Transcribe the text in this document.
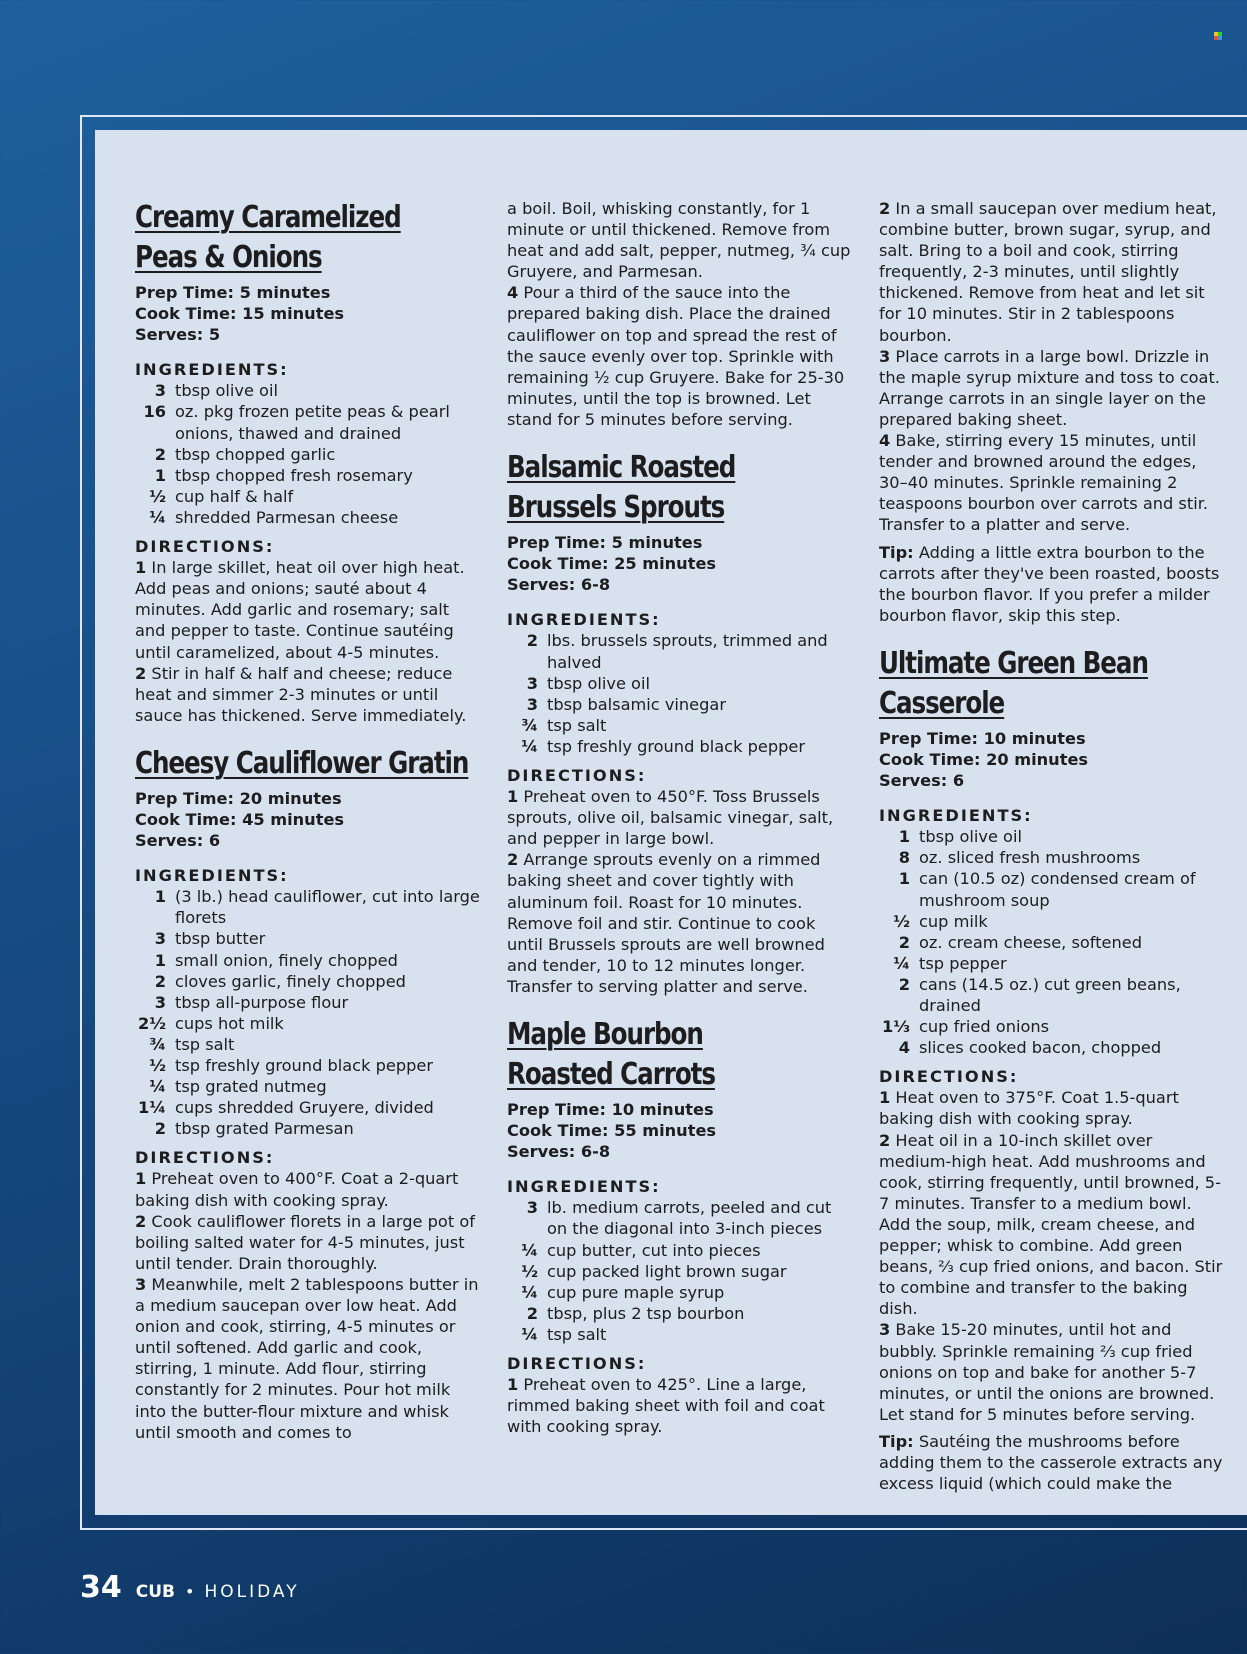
Creamy Caramelized
Peas & Onions
Prep Time: 5 minutes
Cook Time: 15 minutes
Serves: 5
INGREDIENTS:
3 tbsp olive oil
16 oz. pkg frozen petite peas & pearl onions, thawed and drained
2 tbsp chopped garlic
1 tbsp chopped fresh rosemary
½ cup half & half
¼ shredded Parmesan cheese
DIRECTIONS:
1 In large skillet, heat oil over high heat. Add peas and onions; sauté about 4 minutes. Add garlic and rosemary; salt and pepper to taste. Continue sautéing until caramelized, about 4-5 minutes.
2 Stir in half & half and cheese; reduce heat and simmer 2-3 minutes or until sauce has thickened. Serve immediately.
Cheesy Cauliflower Gratin
Prep Time: 20 minutes
Cook Time: 45 minutes
Serves: 6
INGREDIENTS:
1 (3 lb.) head cauliflower, cut into large florets
3 tbsp butter
1 small onion, finely chopped
2 cloves garlic, finely chopped
3 tbsp all-purpose flour
2½ cups hot milk
¾ tsp salt
½ tsp freshly ground black pepper
¼ tsp grated nutmeg
1¼ cups shredded Gruyere, divided
2 tbsp grated Parmesan
DIRECTIONS:
1 Preheat oven to 400°F. Coat a 2-quart baking dish with cooking spray.
2 Cook cauliflower florets in a large pot of boiling salted water for 4-5 minutes, just until tender. Drain thoroughly.
3 Meanwhile, melt 2 tablespoons butter in a medium saucepan over low heat. Add onion and cook, stirring, 4-5 minutes or until softened. Add garlic and cook, stirring, 1 minute. Add flour, stirring constantly for 2 minutes. Pour hot milk into the butter-flour mixture and whisk until smooth and comes to
a boil. Boil, whisking constantly, for 1 minute or until thickened. Remove from heat and add salt, pepper, nutmeg, ¾ cup Gruyere, and Parmesan.
4 Pour a third of the sauce into the prepared baking dish. Place the drained cauliflower on top and spread the rest of the sauce evenly over top. Sprinkle with remaining ½ cup Gruyere. Bake for 25-30 minutes, until the top is browned. Let stand for 5 minutes before serving.
Balsamic Roasted
Brussels Sprouts
Prep Time: 5 minutes
Cook Time: 25 minutes
Serves: 6-8
INGREDIENTS:
2 lbs. brussels sprouts, trimmed and halved
3 tbsp olive oil
3 tbsp balsamic vinegar
¾ tsp salt
¼ tsp freshly ground black pepper
DIRECTIONS:
1 Preheat oven to 450°F. Toss Brussels sprouts, olive oil, balsamic vinegar, salt, and pepper in large bowl.
2 Arrange sprouts evenly on a rimmed baking sheet and cover tightly with aluminum foil. Roast for 10 minutes. Remove foil and stir. Continue to cook until Brussels sprouts are well browned and tender, 10 to 12 minutes longer. Transfer to serving platter and serve.
Maple Bourbon
Roasted Carrots
Prep Time: 10 minutes
Cook Time: 55 minutes
Serves: 6-8
INGREDIENTS:
3 lb. medium carrots, peeled and cut on the diagonal into 3-inch pieces
¼ cup butter, cut into pieces
½ cup packed light brown sugar
¼ cup pure maple syrup
2 tbsp, plus 2 tsp bourbon
¼ tsp salt
DIRECTIONS:
1 Preheat oven to 425°. Line a large, rimmed baking sheet with foil and coat with cooking spray.
2 In a small saucepan over medium heat, combine butter, brown sugar, syrup, and salt. Bring to a boil and cook, stirring frequently, 2-3 minutes, until slightly thickened. Remove from heat and let sit for 10 minutes. Stir in 2 tablespoons bourbon.
3 Place carrots in a large bowl. Drizzle in the maple syrup mixture and toss to coat. Arrange carrots in an single layer on the prepared baking sheet.
4 Bake, stirring every 15 minutes, until tender and browned around the edges, 30–40 minutes. Sprinkle remaining 2 teaspoons bourbon over carrots and stir. Transfer to a platter and serve.
Tip: Adding a little extra bourbon to the carrots after they've been roasted, boosts the bourbon flavor. If you prefer a milder bourbon flavor, skip this step.
Ultimate Green Bean
Casserole
Prep Time: 10 minutes
Cook Time: 20 minutes
Serves: 6
INGREDIENTS:
1 tbsp olive oil
8 oz. sliced fresh mushrooms
1 can (10.5 oz) condensed cream of mushroom soup
½ cup milk
2 oz. cream cheese, softened
¼ tsp pepper
2 cans (14.5 oz.) cut green beans, drained
1⅓ cup fried onions
4 slices cooked bacon, chopped
DIRECTIONS:
1 Heat oven to 375°F. Coat 1.5-quart baking dish with cooking spray.
2 Heat oil in a 10-inch skillet over medium-high heat. Add mushrooms and cook, stirring frequently, until browned, 5-7 minutes. Transfer to a medium bowl. Add the soup, milk, cream cheese, and pepper; whisk to combine. Add green beans, ⅔ cup fried onions, and bacon. Stir to combine and transfer to the baking dish.
3 Bake 15-20 minutes, until hot and bubbly. Sprinkle remaining ⅔ cup fried onions on top and bake for another 5-7 minutes, or until the onions are browned. Let stand for 5 minutes before serving.
Tip: Sautéing the mushrooms before adding them to the casserole extracts any excess liquid (which could make the
34 CUB • HOLIDAY
